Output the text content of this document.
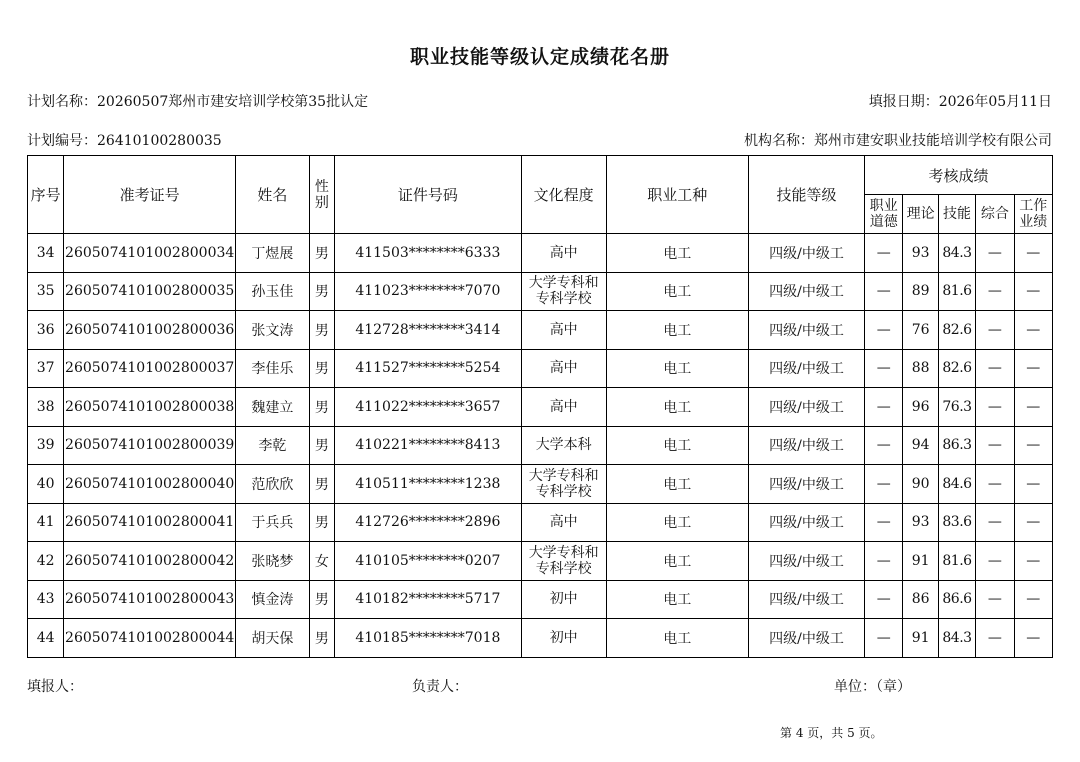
职业技能等级认定成绩花名册
计划名称：20260507郑州市建安培训学校第35批认定	填报日期：2026年05月11日
计划编号：26410100280035	机构名称：郑州市建安职业技能培训学校有限公司
序号	准考证号	姓名	性别	证件号码	文化程度	职业工种	技能等级	考核成绩				
								职业道德	理论	技能	综合	工作业绩
34	2605074101002800034	丁煜展	男	411503********6333	高中	电工	四级/中级工	—	93	84.3	—	—
35	2605074101002800035	孙玉佳	男	411023********7070	大学专科和专科学校	电工	四级/中级工	—	89	81.6	—	—
36	2605074101002800036	张文涛	男	412728********3414	高中	电工	四级/中级工	—	76	82.6	—	—
37	2605074101002800037	李佳乐	男	411527********5254	高中	电工	四级/中级工	—	88	82.6	—	—
38	2605074101002800038	魏建立	男	411022********3657	高中	电工	四级/中级工	—	96	76.3	—	—
39	2605074101002800039	李乾	男	410221********8413	大学本科	电工	四级/中级工	—	94	86.3	—	—
40	2605074101002800040	范欣欣	男	410511********1238	大学专科和专科学校	电工	四级/中级工	—	90	84.6	—	—
41	2605074101002800041	于兵兵	男	412726********2896	高中	电工	四级/中级工	—	93	83.6	—	—
42	2605074101002800042	张晓梦	女	410105********0207	大学专科和专科学校	电工	四级/中级工	—	91	81.6	—	—
43	2605074101002800043	慎金涛	男	410182********5717	初中	电工	四级/中级工	—	86	86.6	—	—
44	2605074101002800044	胡天保	男	410185********7018	初中	电工	四级/中级工	—	91	84.3	—	—
填报人：	负责人：	单位：（章）
第 4 页，共 5 页。
